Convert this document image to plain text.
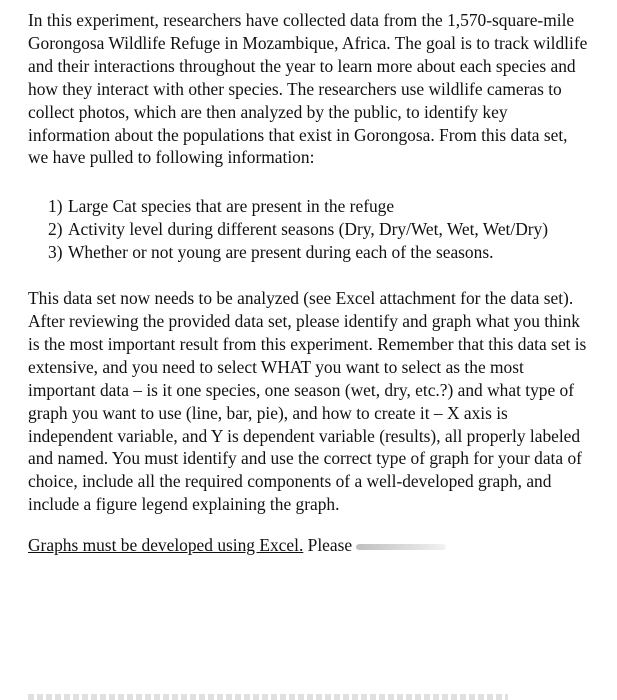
In this experiment, researchers have collected data from the 1,570-square-mile Gorongosa Wildlife Refuge in Mozambique, Africa. The goal is to track wildlife and their interactions throughout the year to learn more about each species and how they interact with other species. The researchers use wildlife cameras to collect photos, which are then analyzed by the public, to identify key information about the populations that exist in Gorongosa. From this data set, we have pulled to following information:

1) Large Cat species that are present in the refuge
2) Activity level during different seasons (Dry, Dry/Wet, Wet, Wet/Dry)
3) Whether or not young are present during each of the seasons.

This data set now needs to be analyzed (see Excel attachment for the data set). After reviewing the provided data set, please identify and graph what you think is the most important result from this experiment. Remember that this data set is extensive, and you need to select WHAT you want to select as the most important data – is it one species, one season (wet, dry, etc.?) and what type of graph you want to use (line, bar, pie), and how to create it – X axis is independent variable, and Y is dependent variable (results), all properly labeled and named. You must identify and use the correct type of graph for your data of choice, include all the required components of a well-developed graph, and include a figure legend explaining the graph.

Graphs must be developed using Excel. Please
